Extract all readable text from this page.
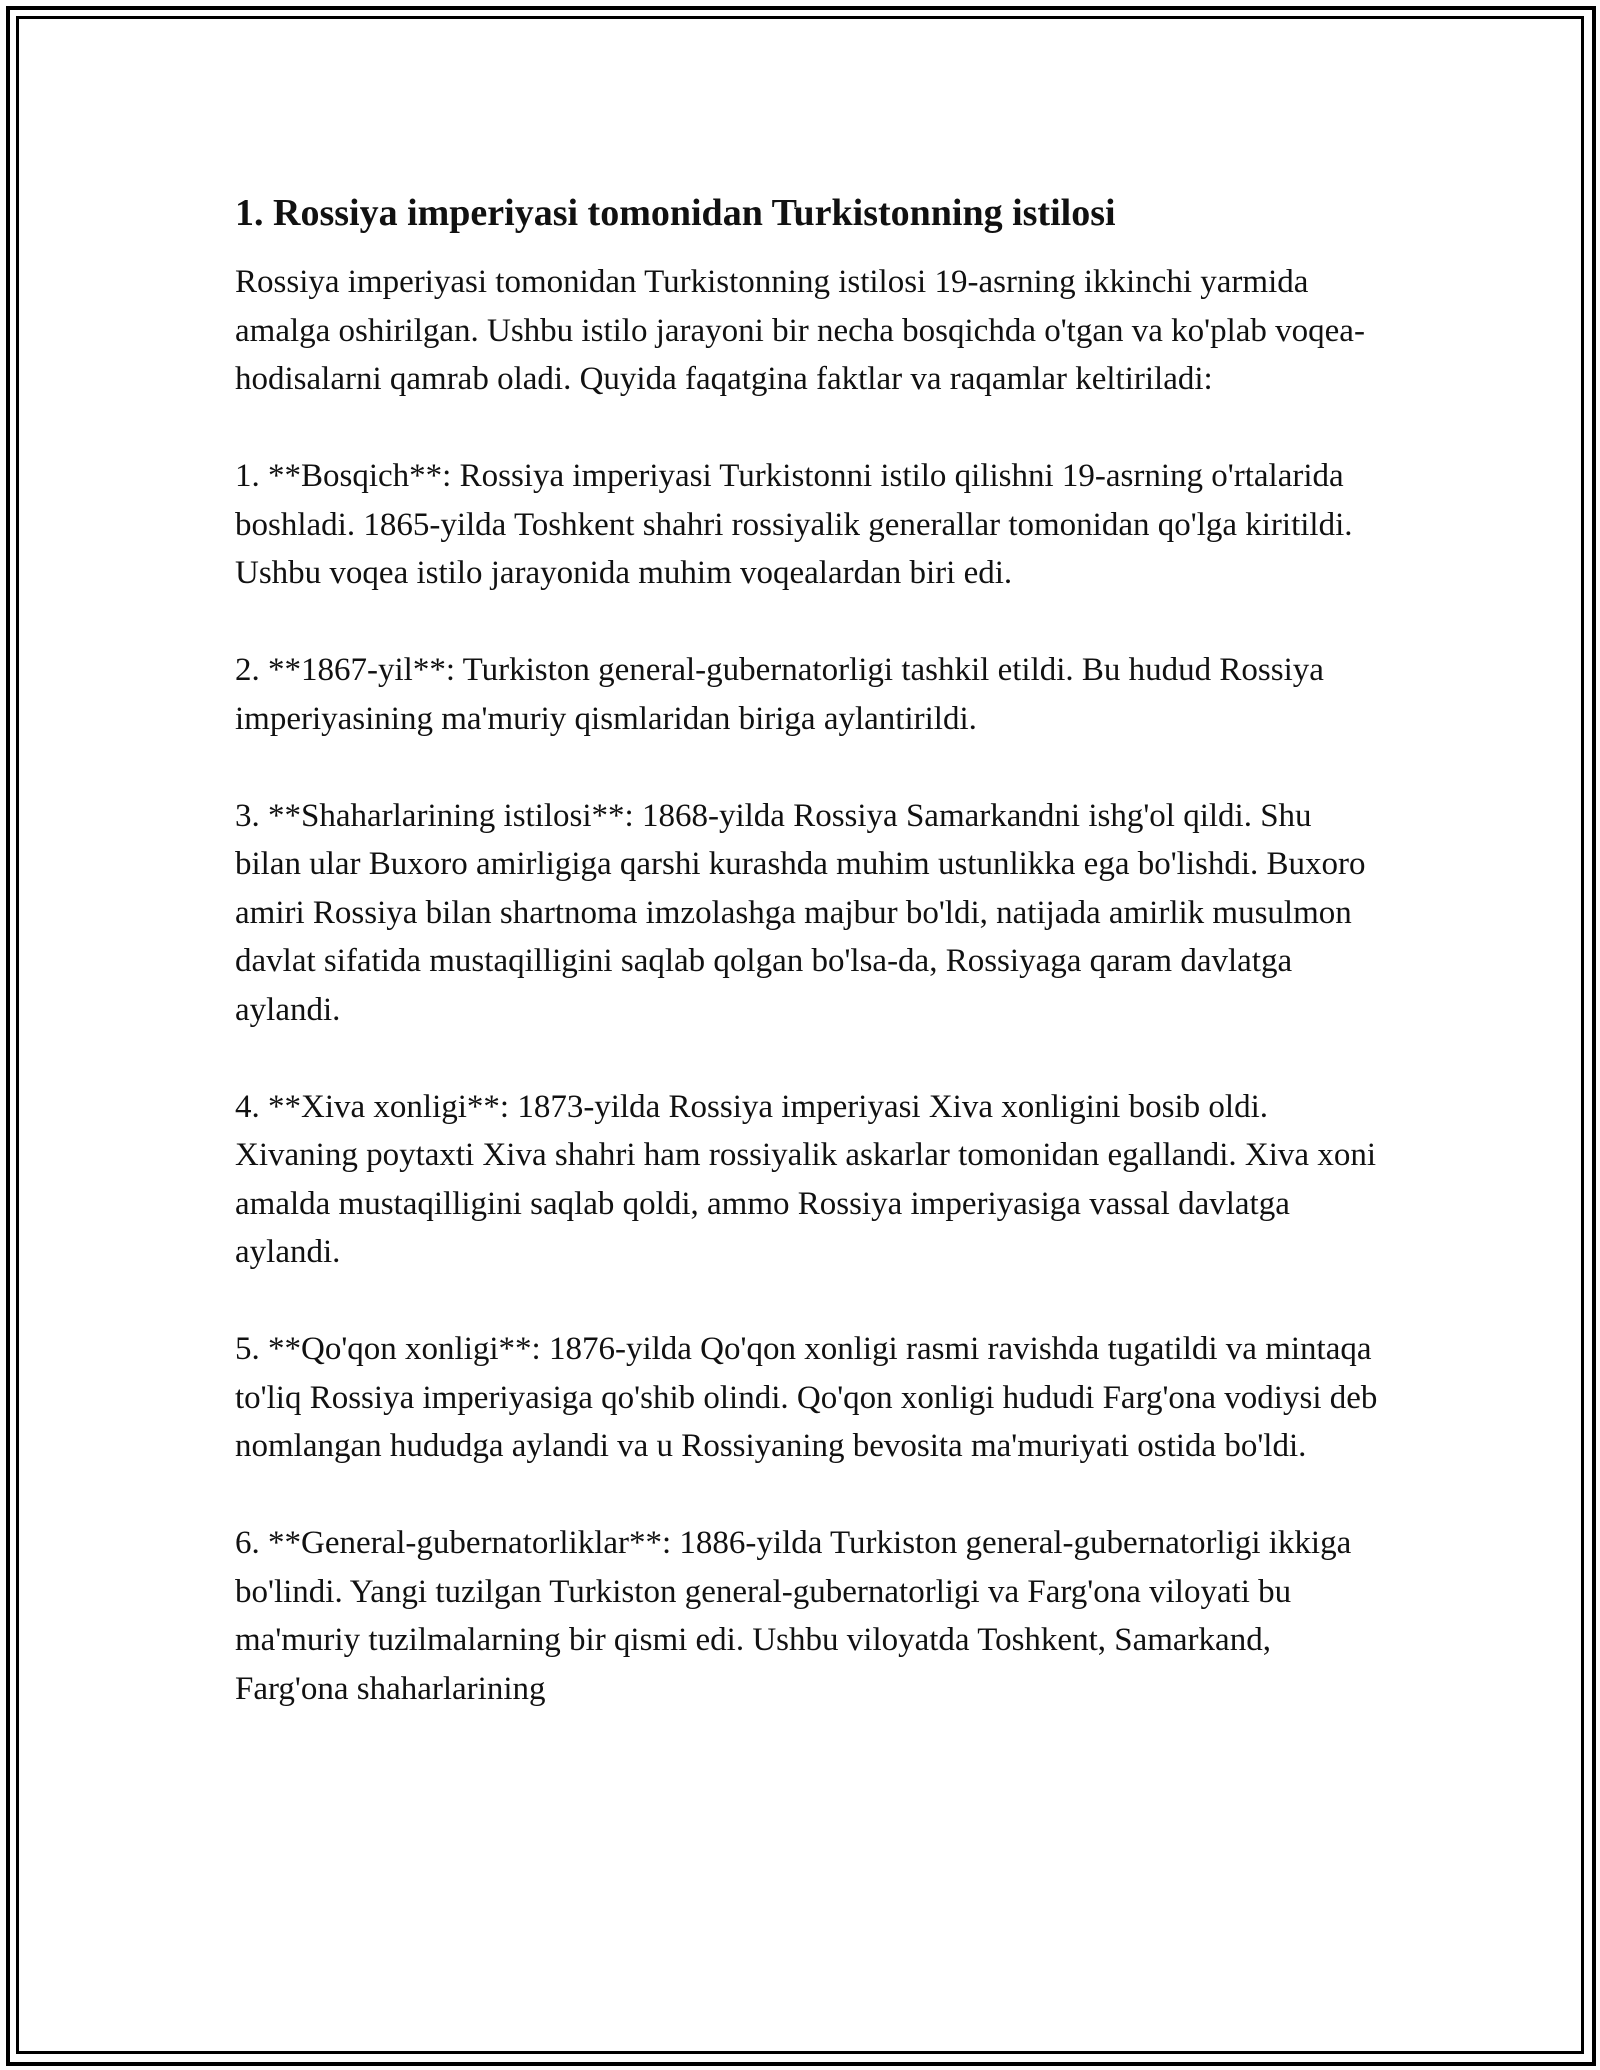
1. Rossiya imperiyasi tomonidan Turkistonning istilosi

Rossiya imperiyasi tomonidan Turkistonning istilosi 19-asrning ikkinchi yarmida amalga oshirilgan. Ushbu istilo jarayoni bir necha bosqichda o'tgan va ko'plab voqea-hodisalarni qamrab oladi. Quyida faqatgina faktlar va raqamlar keltiriladi:

1. **Bosqich**: Rossiya imperiyasi Turkistonni istilo qilishni 19-asrning o'rtalarida boshladi. 1865-yilda Toshkent shahri rossiyalik generallar tomonidan qo'lga kiritildi. Ushbu voqea istilo jarayonida muhim voqealardan biri edi.

2. **1867-yil**: Turkiston general-gubernatorligi tashkil etildi. Bu hudud Rossiya imperiyasining ma'muriy qismlaridan biriga aylantirildi.

3. **Shaharlarining istilosi**: 1868-yilda Rossiya Samarkandni ishg'ol qildi. Shu bilan ular Buxoro amirligiga qarshi kurashda muhim ustunlikka ega bo'lishdi. Buxoro amiri Rossiya bilan shartnoma imzolashga majbur bo'ldi, natijada amirlik musulmon davlat sifatida mustaqilligini saqlab qolgan bo'lsa-da, Rossiyaga qaram davlatga aylandi.

4. **Xiva xonligi**: 1873-yilda Rossiya imperiyasi Xiva xonligini bosib oldi. Xivaning poytaxti Xiva shahri ham rossiyalik askarlar tomonidan egallandi. Xiva xoni amalda mustaqilligini saqlab qoldi, ammo Rossiya imperiyasiga vassal davlatga aylandi.

5. **Qo'qon xonligi**: 1876-yilda Qo'qon xonligi rasmi ravishda tugatildi va mintaqa to'liq Rossiya imperiyasiga qo'shib olindi. Qo'qon xonligi hududi Farg'ona vodiysi deb nomlangan hududga aylandi va u Rossiyaning bevosita ma'muriyati ostida bo'ldi.

6. **General-gubernatorliklar**: 1886-yilda Turkiston general-gubernatorligi ikkiga bo'lindi. Yangi tuzilgan Turkiston general-gubernatorligi va Farg'ona viloyati bu ma'muriy tuzilmalarning bir qismi edi. Ushbu viloyatda Toshkent, Samarkand, Farg'ona shaharlarining
